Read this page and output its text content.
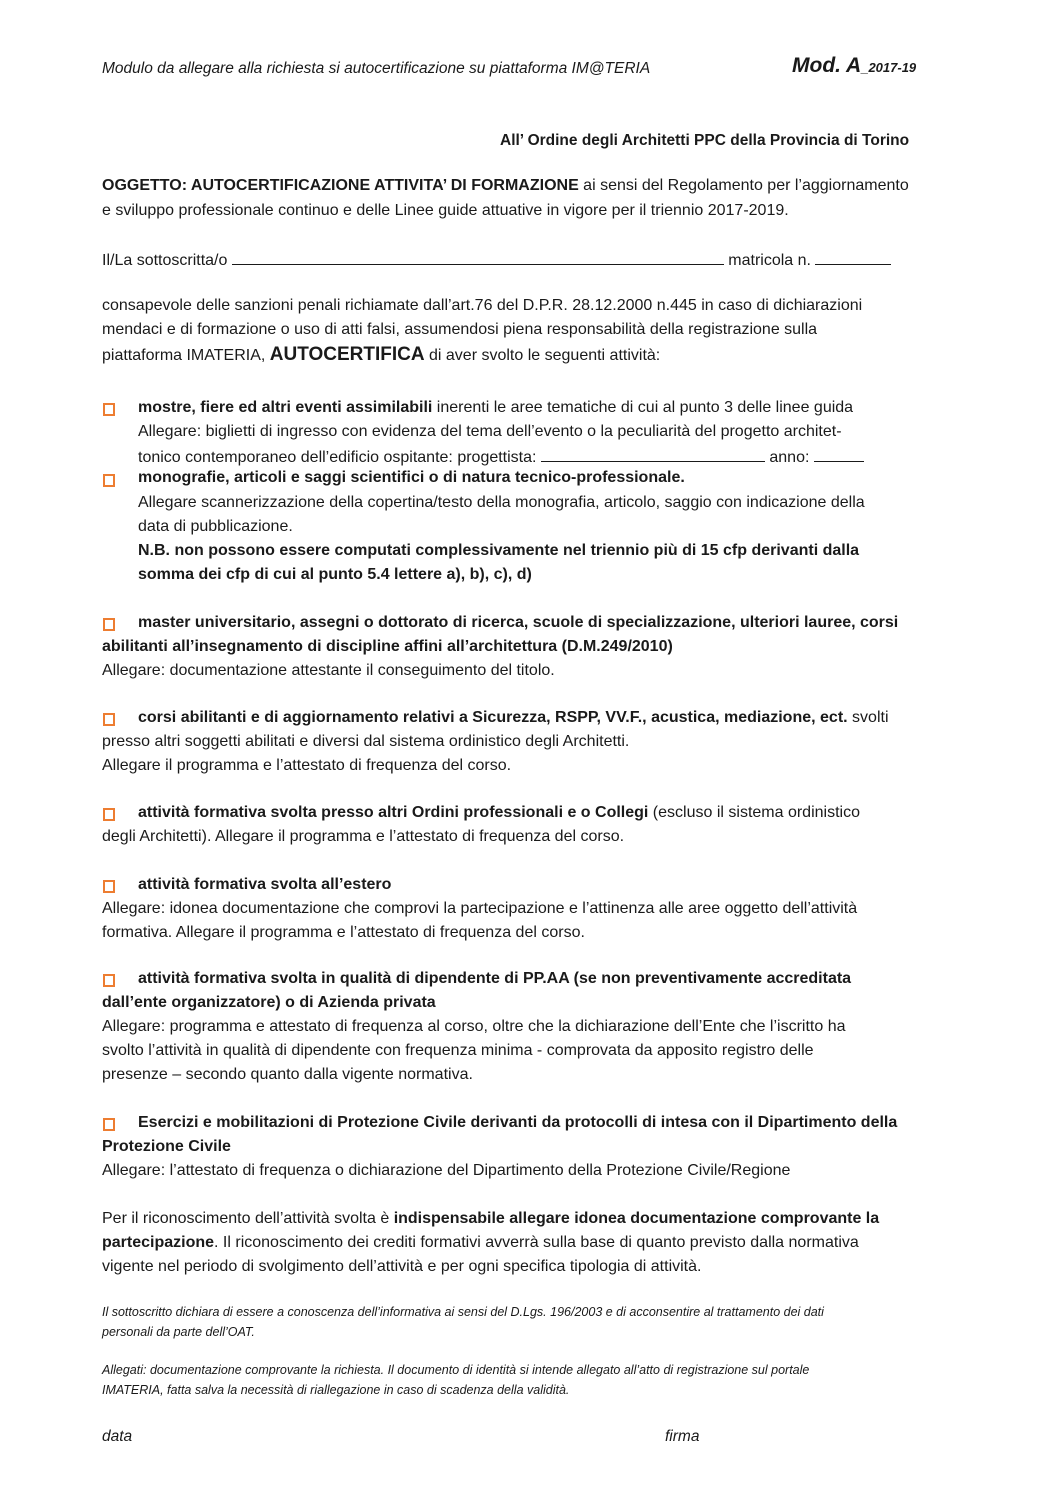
Modulo da allegare alla richiesta si autocertificazione su piattaforma IM@TERIA	Mod. A_2017-19
All’ Ordine degli Architetti PPC della Provincia di Torino
OGGETTO: AUTOCERTIFICAZIONE ATTIVITA’ DI FORMAZIONE ai sensi del Regolamento per l’aggiornamento
e sviluppo professionale continuo e delle Linee guide attuative in vigore per il triennio 2017-2019.
Il/La sottoscritta/o	matricola n.
consapevole delle sanzioni penali richiamate dall’art.76 del D.P.R. 28.12.2000 n.445 in caso di dichiarazioni
mendaci e di formazione o uso di atti falsi, assumendosi piena responsabilità della registrazione sulla
piattaforma IMATERIA, AUTOCERTIFICA di aver svolto le seguenti attività:
mostre, fiere ed altri eventi assimilabili inerenti le aree tematiche di cui al punto 3 delle linee guida
Allegare: biglietti di ingresso con evidenza del tema dell’evento o la peculiarità del progetto architet-
tonico contemporaneo dell’edificio ospitante: progettista:	anno:
monografie, articoli e saggi scientifici o di natura tecnico-professionale.
Allegare scannerizzazione della copertina/testo della monografia, articolo, saggio con indicazione della
data di pubblicazione.
N.B. non possono essere computati complessivamente nel triennio più di 15 cfp derivanti dalla
somma dei cfp di cui al punto 5.4 lettere a), b), c), d)
master universitario, assegni o dottorato di ricerca, scuole di specializzazione, ulteriori lauree, corsi
abilitanti all’insegnamento di discipline affini all’architettura (D.M.249/2010)
Allegare: documentazione attestante il conseguimento del titolo.
corsi abilitanti e di aggiornamento relativi a Sicurezza, RSPP, VV.F., acustica, mediazione, ect. svolti
presso altri soggetti abilitati e diversi dal sistema ordinistico degli Architetti.
Allegare il programma e l’attestato di frequenza del corso.
attività formativa svolta presso altri Ordini professionali e o Collegi (escluso il sistema ordinistico
degli Architetti). Allegare il programma e l’attestato di frequenza del corso.
attività formativa svolta all’estero
Allegare: idonea documentazione che comprovi la partecipazione e l’attinenza alle aree oggetto dell’attività
formativa. Allegare il programma e l’attestato di frequenza del corso.
attività formativa svolta in qualità di dipendente di PP.AA (se non preventivamente accreditata
dall’ente organizzatore) o di Azienda privata
Allegare: programma e attestato di frequenza al corso, oltre che la dichiarazione dell’Ente che l’iscritto ha
svolto l’attività in qualità di dipendente con frequenza minima - comprovata da apposito registro delle
presenze – secondo quanto dalla vigente normativa.
Esercizi e mobilitazioni di Protezione Civile derivanti da protocolli di intesa con il Dipartimento della
Protezione Civile
Allegare: l’attestato di frequenza o dichiarazione del Dipartimento della Protezione Civile/Regione
Per il riconoscimento dell’attività svolta è indispensabile allegare idonea documentazione comprovante la
partecipazione. Il riconoscimento dei crediti formativi avverrà sulla base di quanto previsto dalla normativa
vigente nel periodo di svolgimento dell’attività e per ogni specifica tipologia di attività.
Il sottoscritto dichiara di essere a conoscenza dell’informativa ai sensi del D.Lgs. 196/2003 e di acconsentire al trattamento dei dati
personali da parte dell’OAT.
Allegati: documentazione comprovante la richiesta. Il documento di identità si intende allegato all’atto di registrazione sul portale
IMATERIA, fatta salva la necessità di riallegazione in caso di scadenza della validità.
data	firma
